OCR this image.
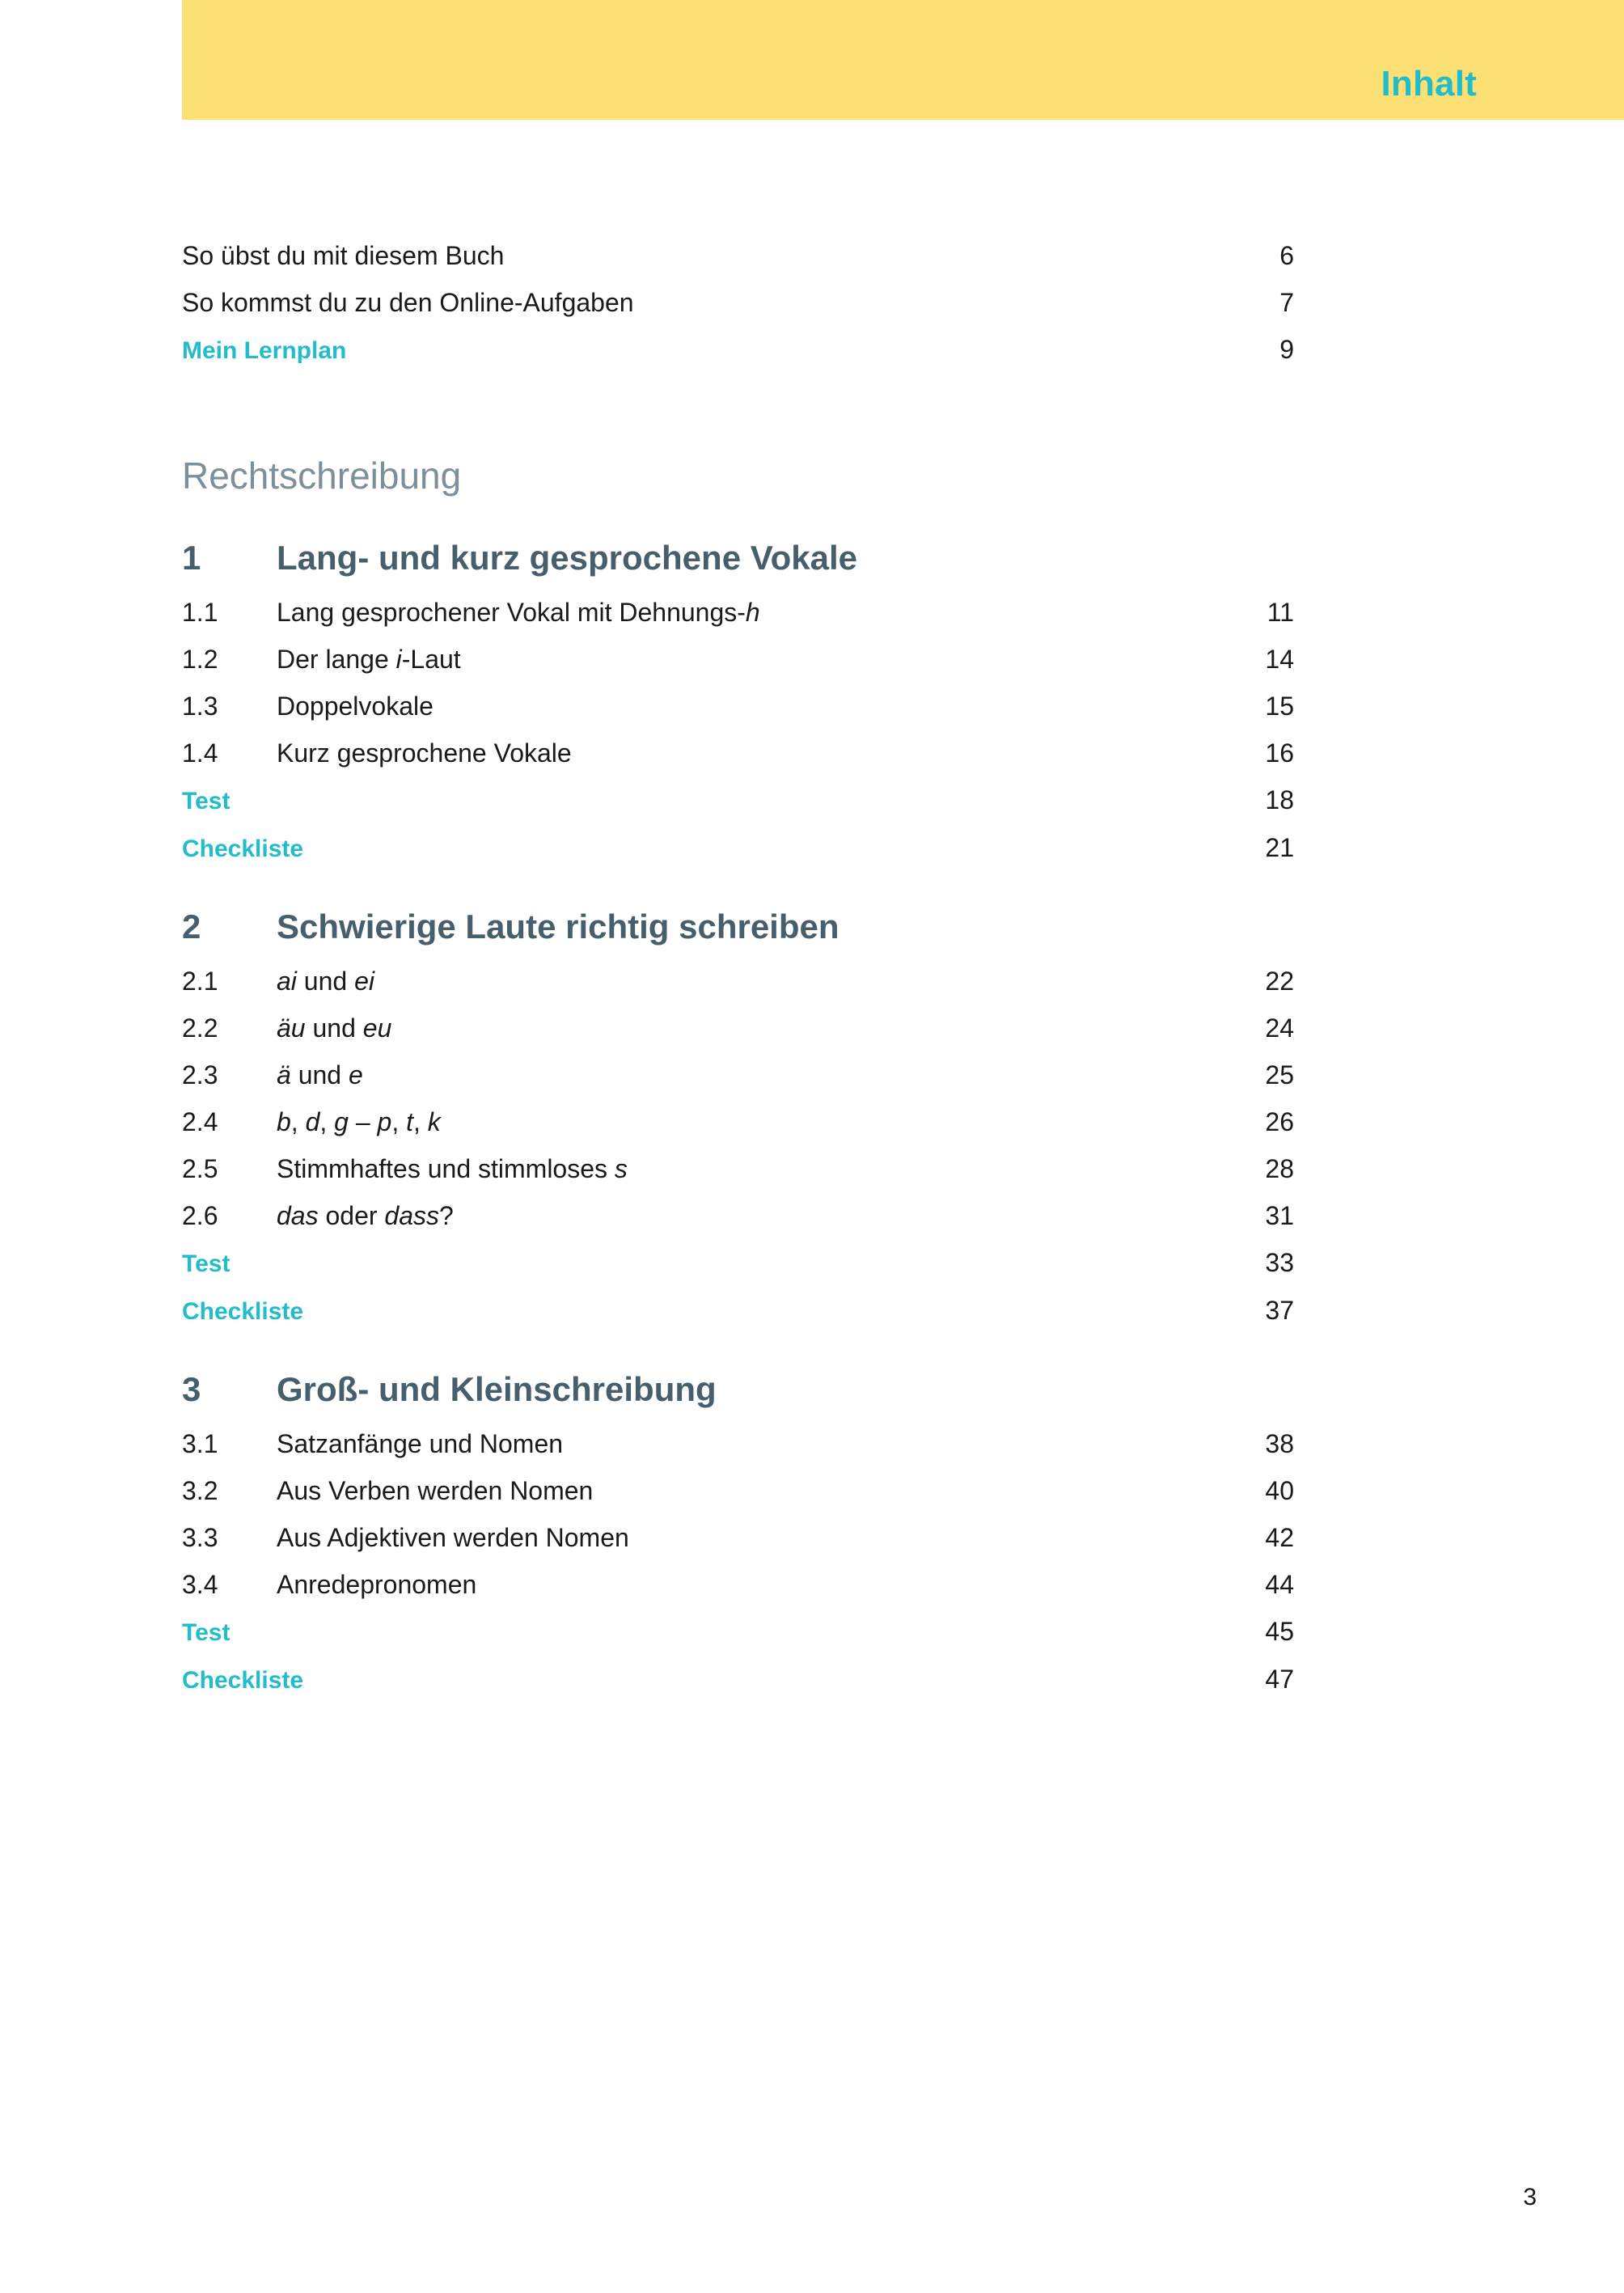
Inhalt
So übst du mit diesem Buch	6
So kommst du zu den Online-Aufgaben	7
Mein Lernplan	9
Rechtschreibung
1	Lang- und kurz gesprochene Vokale
1.1	Lang gesprochener Vokal mit Dehnungs-h	11
1.2	Der lange i-Laut	14
1.3	Doppelvokale	15
1.4	Kurz gesprochene Vokale	16
Test	18
Checkliste	21
2	Schwierige Laute richtig schreiben
2.1	ai und ei	22
2.2	äu und eu	24
2.3	ä und e	25
2.4	b, d, g – p, t, k	26
2.5	Stimmhaftes und stimmloses s	28
2.6	das oder dass?	31
Test	33
Checkliste	37
3	Groß- und Kleinschreibung
3.1	Satzanfänge und Nomen	38
3.2	Aus Verben werden Nomen	40
3.3	Aus Adjektiven werden Nomen	42
3.4	Anredepronomen	44
Test	45
Checkliste	47
3
